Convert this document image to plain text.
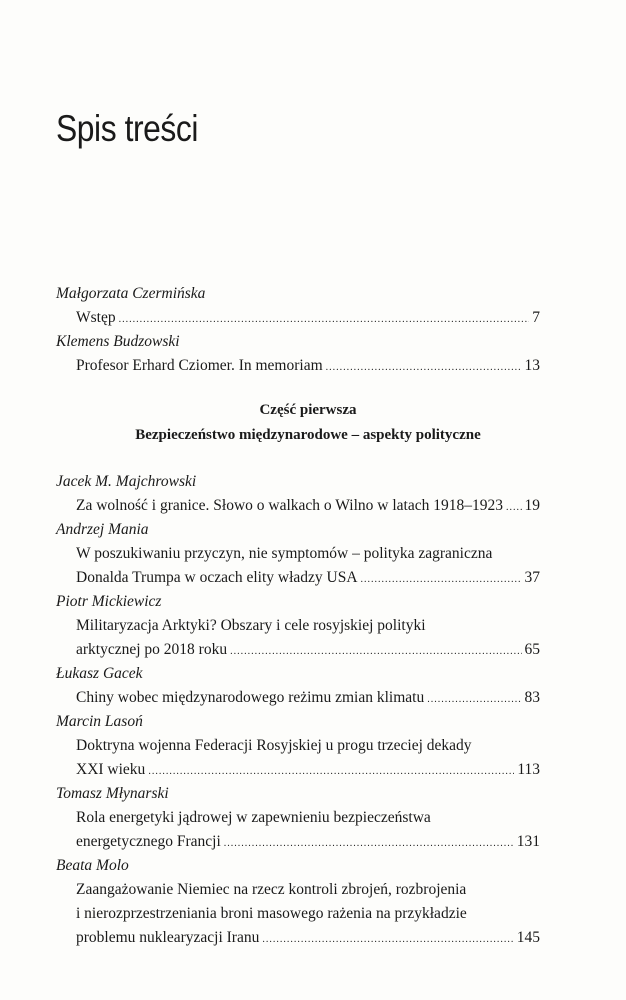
Spis treści
Małgorzata Czermińska
Wstęp .....	7
Klemens Budzowski
Profesor Erhard Cziomer. In memoriam .....	13
Część pierwsza
Bezpieczeństwo międzynarodowe – aspekty polityczne
Jacek M. Majchrowski
Za wolność i granice. Słowo o walkach o Wilno w latach 1918–1923 ..... 19
Andrzej Mania
W poszukiwaniu przyczyn, nie symptomów – polityka zagraniczna
Donalda Trumpa w oczach elity władzy USA .....	37
Piotr Mickiewicz
Militaryzacja Arktyki? Obszary i cele rosyjskiej polityki
arktycznej po 2018 roku .....	65
Łukasz Gacek
Chiny wobec międzynarodowego reżimu zmian klimatu .....	83
Marcin Lasoń
Doktryna wojenna Federacji Rosyjskiej u progu trzeciej dekady
XXI wieku .....	113
Tomasz Młynarski
Rola energetyki jądrowej w zapewnieniu bezpieczeństwa
energetycznego Francji .....	131
Beata Molo
Zaangażowanie Niemiec na rzecz kontroli zbrojeń, rozbrojenia
i nierozprzestrzeniania broni masowego rażenia na przykładzie
problemu nuklearyzacji Iranu .....	145
